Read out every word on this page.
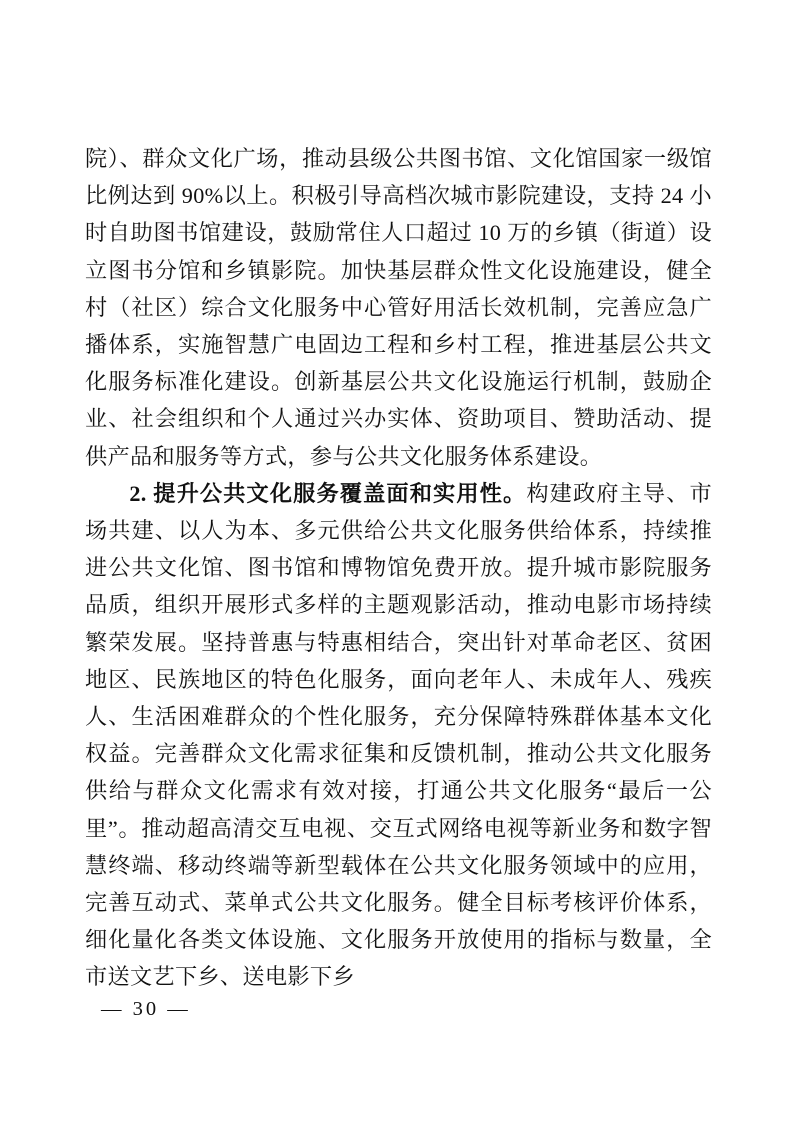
院）、群众文化广场，推动县级公共图书馆、文化馆国家一级馆比例达到 90%以上。积极引导高档次城市影院建设，支持 24 小时自助图书馆建设，鼓励常住人口超过 10 万的乡镇（街道）设立图书分馆和乡镇影院。加快基层群众性文化设施建设，健全村（社区）综合文化服务中心管好用活长效机制，完善应急广播体系，实施智慧广电固边工程和乡村工程，推进基层公共文化服务标准化建设。创新基层公共文化设施运行机制，鼓励企业、社会组织和个人通过兴办实体、资助项目、赞助活动、提供产品和服务等方式，参与公共文化服务体系建设。

2. 提升公共文化服务覆盖面和实用性。构建政府主导、市场共建、以人为本、多元供给公共文化服务供给体系，持续推进公共文化馆、图书馆和博物馆免费开放。提升城市影院服务品质，组织开展形式多样的主题观影活动，推动电影市场持续繁荣发展。坚持普惠与特惠相结合，突出针对革命老区、贫困地区、民族地区的特色化服务，面向老年人、未成年人、残疾人、生活困难群众的个性化服务，充分保障特殊群体基本文化权益。完善群众文化需求征集和反馈机制，推动公共文化服务供给与群众文化需求有效对接，打通公共文化服务“最后一公里”。推动超高清交互电视、交互式网络电视等新业务和数字智慧终端、移动终端等新型载体在公共文化服务领域中的应用，完善互动式、菜单式公共文化服务。健全目标考核评价体系，细化量化各类文体设施、文化服务开放使用的指标与数量，全市送文艺下乡、送电影下乡

— 30 —
